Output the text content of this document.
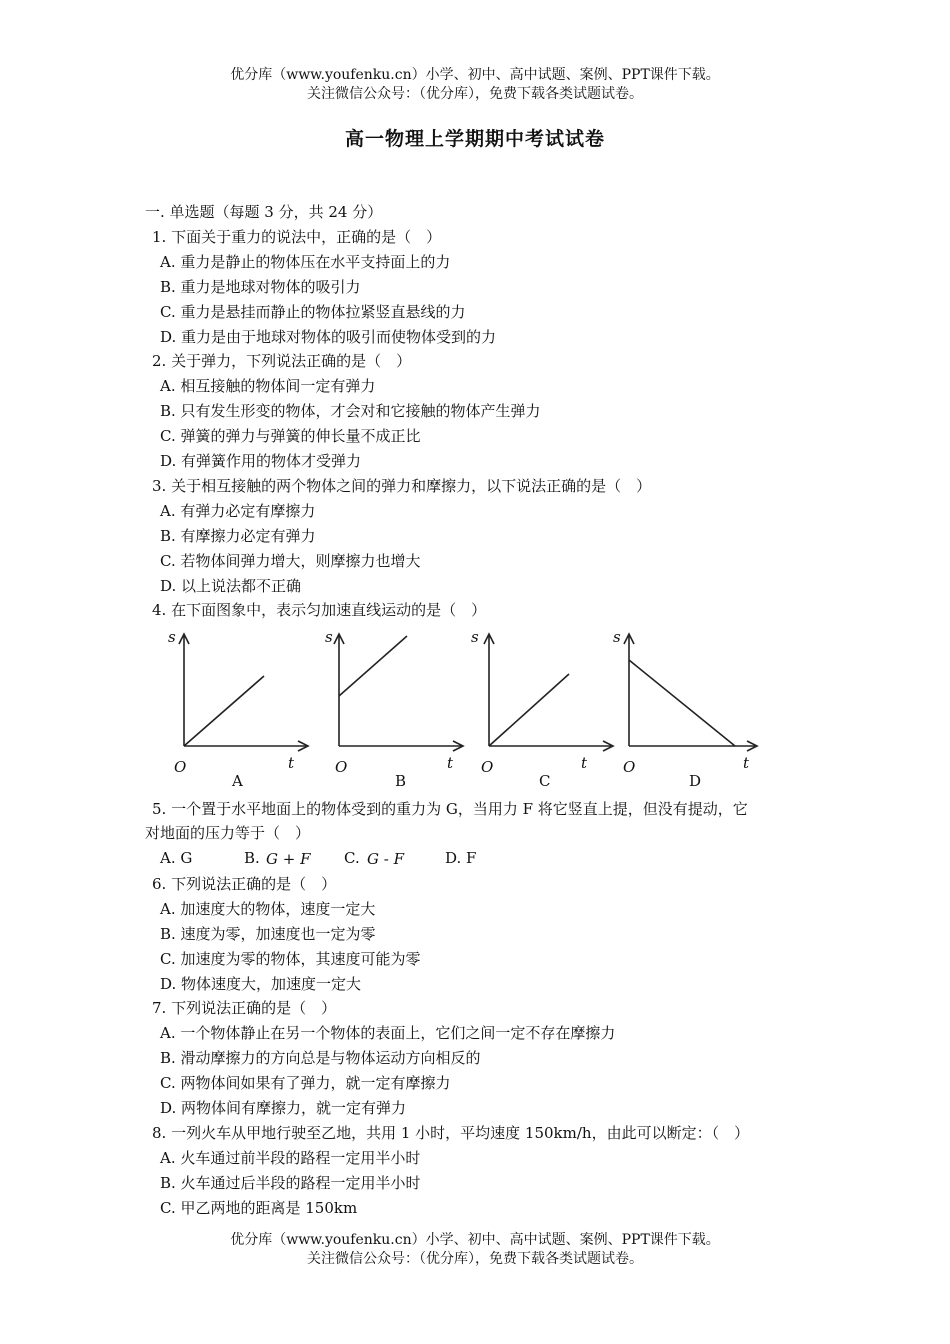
优分库（www.youfenku.cn）小学、初中、高中试题、案例、PPT课件下载。
关注微信公众号：（优分库），免费下载各类试题试卷。
高一物理上学期期中考试试卷
一. 单选题（每题 3 分，共 24 分）
1. 下面关于重力的说法中，正确的是（　）
A. 重力是静止的物体压在水平支持面上的力
B. 重力是地球对物体的吸引力
C. 重力是悬挂而静止的物体拉紧竖直悬线的力
D. 重力是由于地球对物体的吸引而使物体受到的力
2. 关于弹力，下列说法正确的是（　）
A. 相互接触的物体间一定有弹力
B. 只有发生形变的物体，才会对和它接触的物体产生弹力
C. 弹簧的弹力与弹簧的伸长量不成正比
D. 有弹簧作用的物体才受弹力
3. 关于相互接触的两个物体之间的弹力和摩擦力，以下说法正确的是（　）
A. 有弹力必定有摩擦力
B. 有摩擦力必定有弹力
C. 若物体间弹力增大，则摩擦力也增大
D. 以上说法都不正确
4. 在下面图象中，表示匀加速直线运动的是（　）
s
O	t
A
s
O	t
B
s
O	t
C
s
O	t
D
5. 一个置于水平地面上的物体受到的重力为 G，当用力 F 将它竖直上提，但没有提动，它
对地面的压力等于（　）
A. G	B. G + F C. G - F	D. F
6. 下列说法正确的是（　）
A. 加速度大的物体，速度一定大
B. 速度为零，加速度也一定为零
C. 加速度为零的物体，其速度可能为零
D. 物体速度大，加速度一定大
7. 下列说法正确的是（　）
A. 一个物体静止在另一个物体的表面上，它们之间一定不存在摩擦力
B. 滑动摩擦力的方向总是与物体运动方向相反的
C. 两物体间如果有了弹力，就一定有摩擦力
D. 两物体间有摩擦力，就一定有弹力
8. 一列火车从甲地行驶至乙地，共用 1 小时，平均速度 150km/h，由此可以断定：（　）
A. 火车通过前半段的路程一定用半小时
B. 火车通过后半段的路程一定用半小时
C. 甲乙两地的距离是 150km
优分库（www.youfenku.cn）小学、初中、高中试题、案例、PPT课件下载。
关注微信公众号：（优分库），免费下载各类试题试卷。
